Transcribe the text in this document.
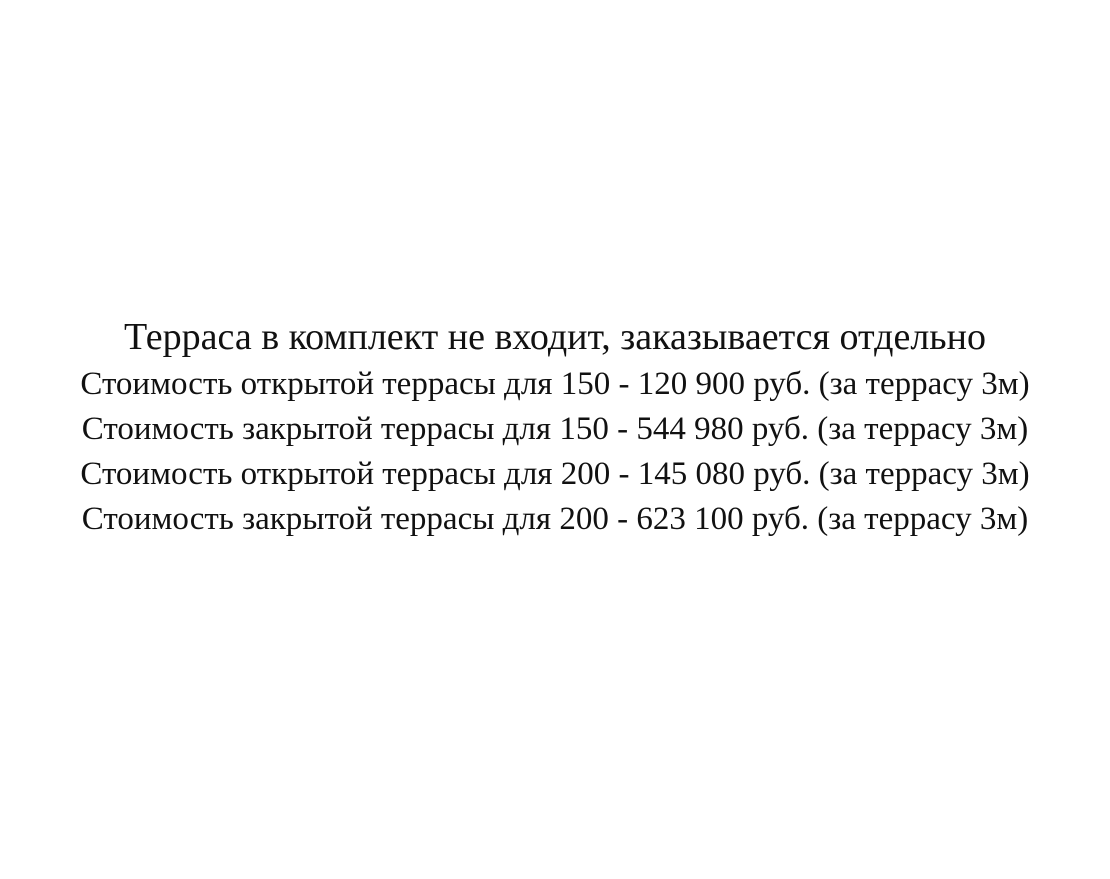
Терраса в комплект не входит, заказывается отдельно
Стоимость открытой террасы для 150 - 120 900 руб. (за террасу 3м)
Стоимость закрытой террасы для 150 - 544 980 руб. (за террасу 3м)
Стоимость открытой террасы для 200 - 145 080 руб. (за террасу 3м)
Стоимость закрытой террасы для 200 - 623 100 руб. (за террасу 3м)
